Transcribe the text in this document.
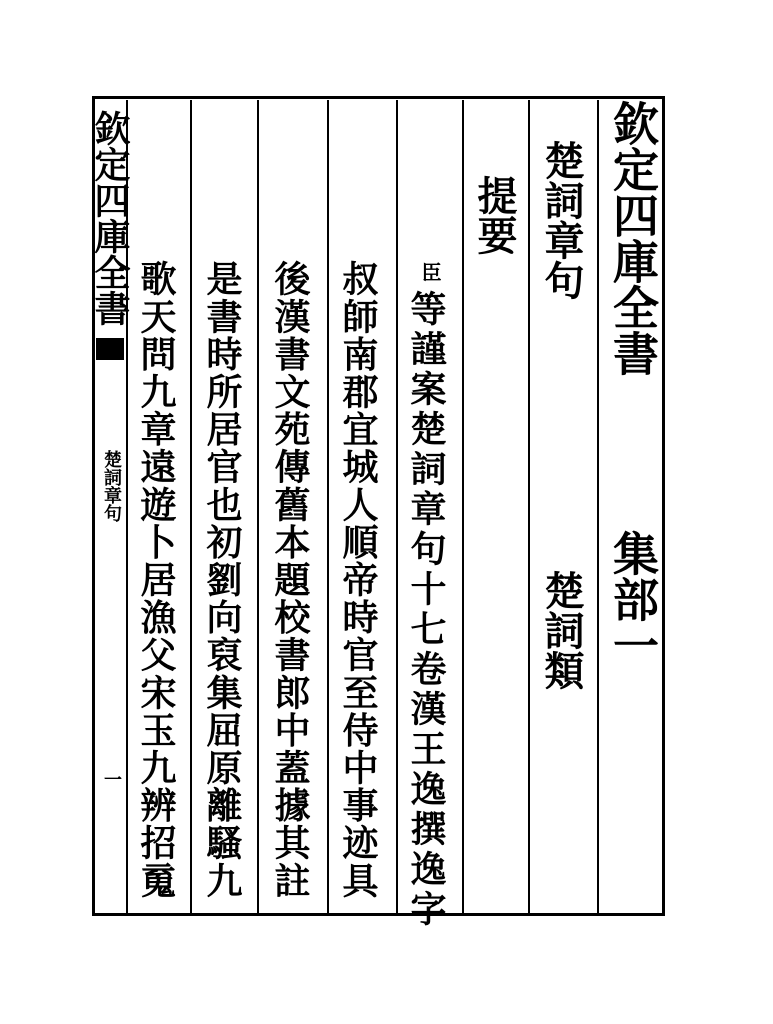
欽定四庫全書
楚詞章句
一
欽定四庫全書
集部一
楚詞章句
楚詞類
提要
臣
等謹案楚詞章句十七卷漢王逸撰逸字
叔師南郡宜城人順帝時官至侍中事迹具
後漢書文苑傳舊本題校書郎中蓋據其註
是書時所居官也初劉向裒集屈原離騷九
歌天問九章遠遊卜居漁父宋玉九辨招䰟
